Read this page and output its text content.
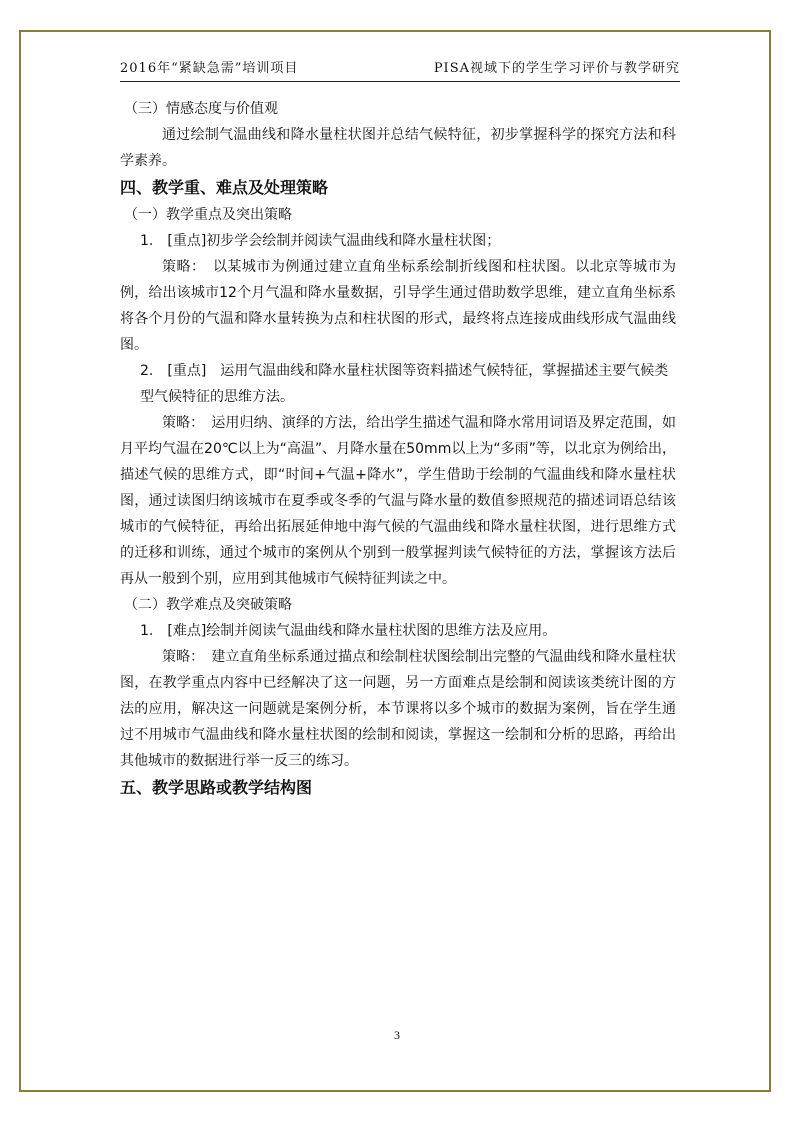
2016年“紧缺急需”培训项目	PISA视域下的学生学习评价与教学研究

（三）情感态度与价值观

通过绘制气温曲线和降水量柱状图并总结气候特征，初步掌握科学的探究方法和科学素养。

四、教学重、难点及处理策略

（一）教学重点及突出策略

1.　[重点]初步学会绘制并阅读气温曲线和降水量柱状图；

策略：　以某城市为例通过建立直角坐标系绘制折线图和柱状图。以北京等城市为例，给出该城市12个月气温和降水量数据，引导学生通过借助数学思维，建立直角坐标系将各个月份的气温和降水量转换为点和柱状图的形式，最终将点连接成曲线形成气温曲线图。

2.　[重点]　运用气温曲线和降水量柱状图等资料描述气候特征，掌握描述主要气候类型气候特征的思维方法。

策略：　运用归纳、演绎的方法，给出学生描述气温和降水常用词语及界定范围，如月平均气温在20℃以上为“高温”、月降水量在50mm以上为“多雨”等，以北京为例给出，描述气候的思维方式，即“时间+气温+降水”，学生借助于绘制的气温曲线和降水量柱状图，通过读图归纳该城市在夏季或冬季的气温与降水量的数值参照规范的描述词语总结该城市的气候特征，再给出拓展延伸地中海气候的气温曲线和降水量柱状图，进行思维方式的迁移和训练，通过个城市的案例从个别到一般掌握判读气候特征的方法，掌握该方法后再从一般到个别，应用到其他城市气候特征判读之中。

（二）教学难点及突破策略

1.　[难点]绘制并阅读气温曲线和降水量柱状图的思维方法及应用。

策略：　建立直角坐标系通过描点和绘制柱状图绘制出完整的气温曲线和降水量柱状图，在教学重点内容中已经解决了这一问题，另一方面难点是绘制和阅读该类统计图的方法的应用，解决这一问题就是案例分析，本节课将以多个城市的数据为案例，旨在学生通过不用城市气温曲线和降水量柱状图的绘制和阅读，掌握这一绘制和分析的思路，再给出其他城市的数据进行举一反三的练习。

五、教学思路或教学结构图

3
